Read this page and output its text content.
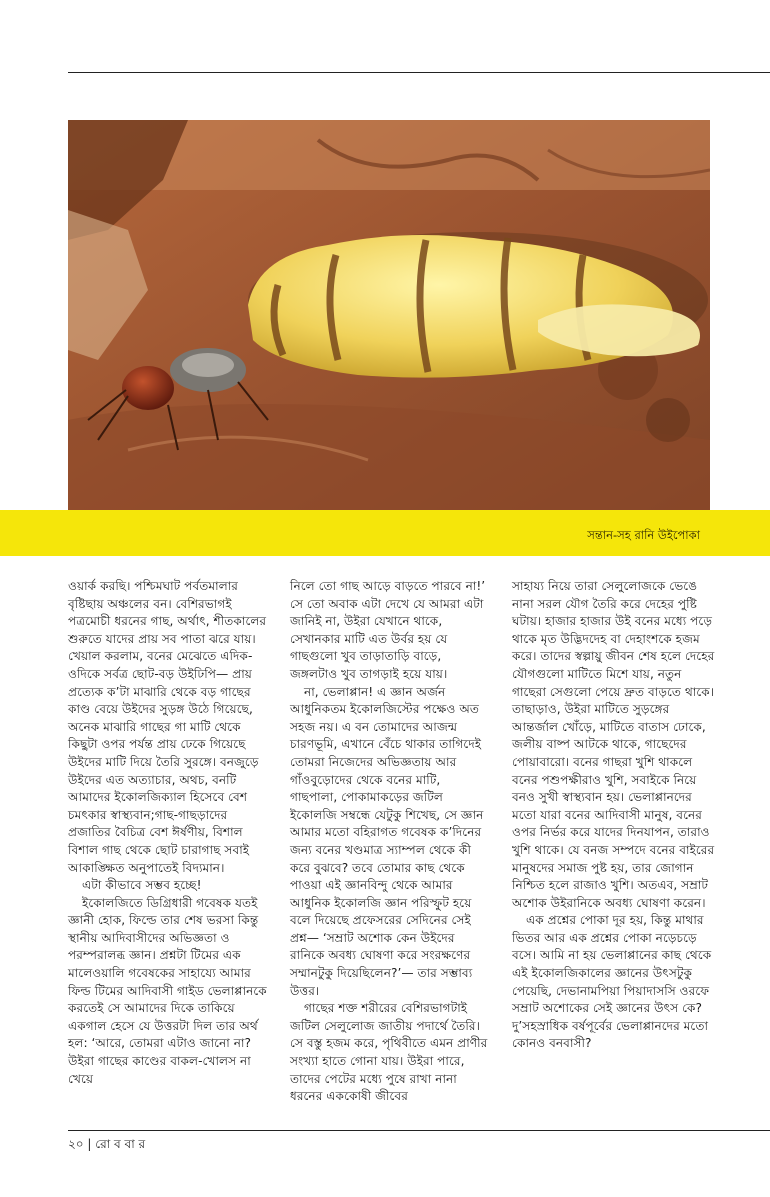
সন্তান-সহ রানি উইপোকা

ওয়ার্ক করছি। পশ্চিমঘাট পর্বতমালার বৃষ্টিছায় অঞ্চলের বন। বেশিরভাগই পত্রমোচী ধরনের গাছ, অর্থাৎ, শীতকালের শুরুতে যাদের প্রায় সব পাতা ঝরে যায়। খেয়াল করলাম, বনের মেঝেতে এদিক-ওদিকে সর্বত্র ছোট-বড় উইঢিপি— প্রায় প্রত্যেক ক’টা মাঝারি থেকে বড় গাছের কাণ্ড বেয়ে উইদের সুড়ঙ্গ উঠে গিয়েছে, অনেক মাঝারি গাছের গা মাটি থেকে কিছুটা ওপর পর্যন্ত প্রায় ঢেকে গিয়েছে উইদের মাটি দিয়ে তৈরি সুরঙ্গে। বনজুড়ে উইদের এত অত্যাচার, অথচ, বনটি আমাদের ইকোলজিক্যাল হিসেবে বেশ চমৎকার স্বাস্থ্যবান;গাছ-গাছড়াদের প্রজাতির বৈচিত্র বেশ ঈর্ষণীয়, বিশাল বিশাল গাছ থেকে ছোট চারাগাছ সবাই আকাঙ্ক্ষিত অনুপাতেই বিদ্যমান।

এটা কীভাবে সম্ভব হচ্ছে!

ইকোলজিতে ডিগ্রিধারী গবেষক যতই জ্ঞানী হোক, ফিল্ডে তার শেষ ভরসা কিন্তু স্থানীয় আদিবাসীদের অভিজ্ঞতা ও পরম্পরালব্ধ জ্ঞান। প্রশ্নটা টিমের এক মালেওয়ালি গবেষকের সাহায্যে আমার ফিল্ড টিমের আদিবাসী গাইড ভেলাপ্পানকে করতেই সে আমাদের দিকে তাকিয়ে একগাল হেসে যে উত্তরটা দিল তার অর্থ হল: ‘আরে, তোমরা এটাও জানো না? উইরা গাছের কাণ্ডের বাকল-খোলস না খেয়ে

নিলে তো গাছ আড়ে বাড়তে পারবে না!’ সে তো অবাক এটা দেখে যে আমরা এটা জানিই না, উইরা যেখানে থাকে, সেখানকার মাটি এত উর্বর হয় যে গাছগুলো খুব তাড়াতাড়ি বাড়ে, জঙ্গলটাও খুব তাগড়াই হয়ে যায়।

না, ভেলাপ্পান! এ জ্ঞান অর্জন আধুনিকতম ইকোলজিস্টের পক্ষেও অত সহজ নয়। এ বন তোমাদের আজন্ম চারণভূমি, এখানে বেঁচে থাকার তাগিদেই তোমরা নিজেদের অভিজ্ঞতায় আর গাঁওবুড়োদের থেকে বনের মাটি, গাছপালা, পোকামাকড়ের জটিল ইকোলজি সম্বন্ধে যেটুকু শিখেছ, সে জ্ঞান আমার মতো বহিরাগত গবেষক ক’দিনের জন্য বনের খণ্ডমাত্র স্যাম্পল থেকে কী করে বুঝবে? তবে তোমার কাছ থেকে পাওয়া এই জ্ঞানবিন্দু থেকে আমার আধুনিক ইকোলজি জ্ঞান পরিস্ফুট হয়ে বলে দিয়েছে প্রফেসরের সেদিনের সেই প্রশ্ন— ‘সম্রাট অশোক কেন উইদের রানিকে অবধ্য ঘোষণা করে সংরক্ষণের সম্মানটুকু দিয়েছিলেন?’— তার সম্ভাব্য উত্তর।

গাছের শক্ত শরীরের বেশিরভাগটাই জটিল সেলুলোজ জাতীয় পদার্থে তৈরি। সে বস্তু হজম করে, পৃথিবীতে এমন প্রাণীর সংখ্যা হাতে গোনা যায়। উইরা পারে, তাদের পেটের মধ্যে পুষে রাখা নানা ধরনের এককোষী জীবের

সাহায্য নিয়ে তারা সেলুলোজকে ভেঙে নানা সরল যৌগ তৈরি করে দেহের পুষ্টি ঘটায়। হাজার হাজার উই বনের মধ্যে পড়ে থাকে মৃত উদ্ভিদদেহ বা দেহাংশকে হজম করে। তাদের স্বল্পায়ু জীবন শেষ হলে দেহের যৌগগুলো মাটিতে মিশে যায়, নতুন গাছেরা সেগুলো পেয়ে দ্রুত বাড়তে থাকে। তাছাড়াও, উইরা মাটিতে সুড়ঙ্গের আন্তর্জাল খোঁড়ে, মাটিতে বাতাস ঢোকে, জলীয় বাষ্প আটকে থাকে, গাছেদের পোয়াবারো। বনের গাছরা খুশি থাকলে বনের পশুপক্ষীরাও খুশি, সবাইকে নিয়ে বনও সুখী স্বাস্থ্যবান হয়। ভেলাপ্পানদের মতো যারা বনের আদিবাসী মানুষ, বনের ওপর নির্ভর করে যাদের দিনযাপন, তারাও খুশি থাকে। যে বনজ সম্পদে বনের বাইরের মানুষদের সমাজ পুষ্ট হয়, তার জোগান নিশ্চিত হলে রাজাও খুশি। অতএব, সম্রাট অশোক উইরানিকে অবধ্য ঘোষণা করেন।

এক প্রশ্নের পোকা দূর হয়, কিন্তু মাথার ভিতর আর এক প্রশ্নের পোকা নড়েচড়ে বসে। আমি না হয় ভেলাপ্পানের কাছ থেকে এই ইকোলজিকালের জ্ঞানের উৎসটুকু পেয়েছি, দেভানামপিয়া পিয়াদাসসি ওরফে সম্রাট অশোকের সেই জ্ঞানের উৎস কে? দু’সহস্রাধিক বর্ষপূর্বের ভেলাপ্পানদের মতো কোনও বনবাসী?

২০ | রো ব বা র
